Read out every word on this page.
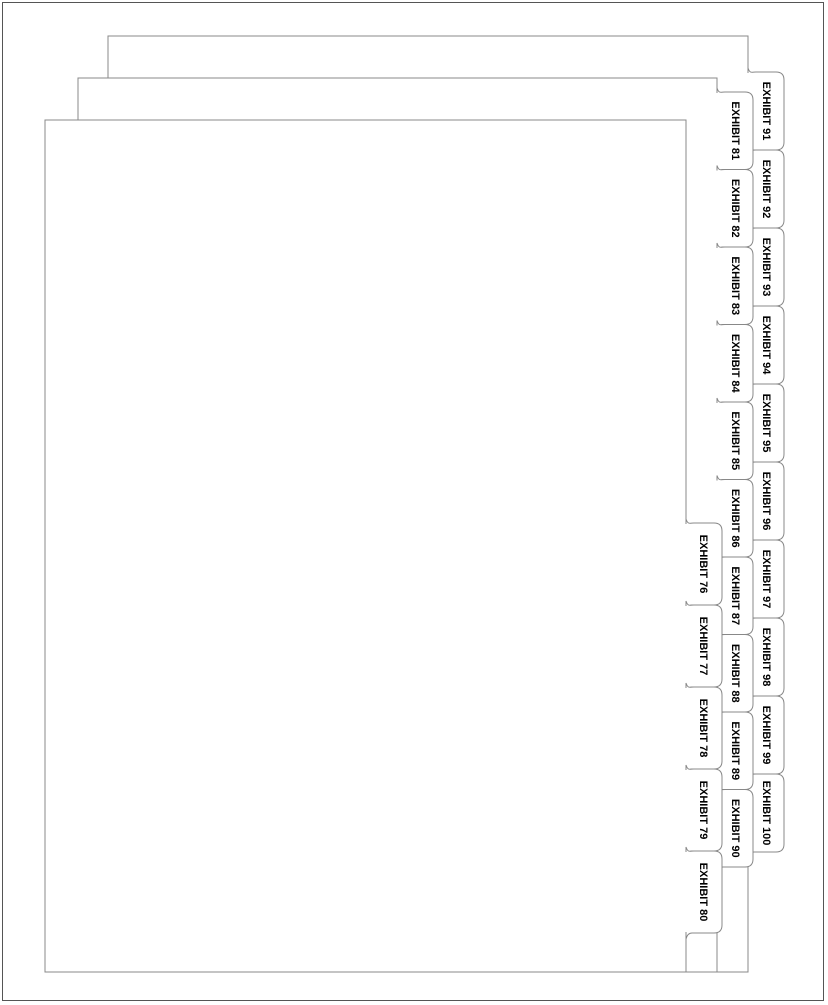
EXHIBIT 91
EXHIBIT 92
EXHIBIT 93
EXHIBIT 94
EXHIBIT 95
EXHIBIT 96
EXHIBIT 97
EXHIBIT 98
EXHIBIT 99
EXHIBIT 100
EXHIBIT 81
EXHIBIT 82
EXHIBIT 83
EXHIBIT 84
EXHIBIT 85
EXHIBIT 86
EXHIBIT 87
EXHIBIT 88
EXHIBIT 89
EXHIBIT 90
EXHIBIT 76
EXHIBIT 77
EXHIBIT 78
EXHIBIT 79
EXHIBIT 80
